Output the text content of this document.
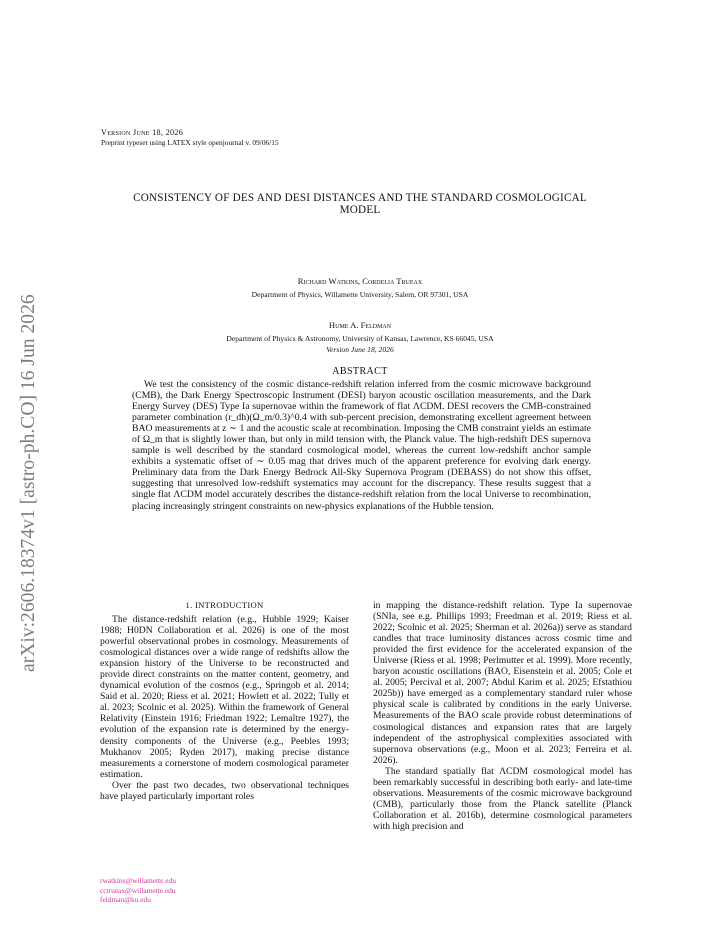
arXiv:2606.18374v1 [astro-ph.CO] 16 Jun 2026
Version June 18, 2026
Preprint typeset using LATEX style openjournal v. 09/06/15
CONSISTENCY OF DES AND DESI DISTANCES AND THE STANDARD COSMOLOGICAL
MODEL
Richard Watkins, Cordelia Trueax
Department of Physics, Willamette University, Salem, OR 97301, USA
Hume A. Feldman
Department of Physics & Astronomy, University of Kansas, Lawrence, KS 66045, USA
Version June 18, 2026
ABSTRACT

We test the consistency of the cosmic distance-redshift relation inferred from the cosmic microwave background (CMB), the Dark Energy Spectroscopic Instrument (DESI) baryon acoustic oscillation measurements, and the Dark Energy Survey (DES) Type Ia supernovae within the framework of flat ΛCDM. DESI recovers the CMB-constrained parameter combination (r_dh)(Ω_m/0.3)^0.4 with sub-percent precision, demonstrating excellent agreement between BAO measurements at z ∼ 1 and the acoustic scale at recombination. Imposing the CMB constraint yields an estimate of Ω_m that is slightly lower than, but only in mild tension with, the Planck value. The high-redshift DES supernova sample is well described by the standard cosmological model, whereas the current low-redshift anchor sample exhibits a systematic offset of ∼ 0.05 mag that drives much of the apparent preference for evolving dark energy. Preliminary data from the Dark Energy Bedrock All-Sky Supernova Program (DEBASS) do not show this offset, suggesting that unresolved low-redshift systematics may account for the discrepancy. These results suggest that a single flat ΛCDM model accurately describes the distance-redshift relation from the local Universe to recombination, placing increasingly stringent constraints on new-physics explanations of the Hubble tension.

1. INTRODUCTION

The distance-redshift relation (e.g., Hubble 1929; Kaiser 1988; H0DN Collaboration et al. 2026) is one of the most powerful observational probes in cosmology. Measurements of cosmological distances over a wide range of redshifts allow the expansion history of the Universe to be reconstructed and provide direct constraints on the matter content, geometry, and dynamical evolution of the cosmos (e.g., Springob et al. 2014; Said et al. 2020; Riess et al. 2021; Howlett et al. 2022; Tully et al. 2023; Scolnic et al. 2025). Within the framework of General Relativity (Einstein 1916; Friedman 1922; Lemaître 1927), the evolution of the expansion rate is determined by the energy-density components of the Universe (e.g., Peebles 1993; Mukhanov 2005; Ryden 2017), making precise distance measurements a cornerstone of modern cosmological parameter estimation.

Over the past two decades, two observational techniques have played particularly important roles

in mapping the distance-redshift relation. Type Ia supernovae (SNIa, see e.g. Phillips 1993; Freedman et al. 2019; Riess et al. 2022; Scolnic et al. 2025; Sherman et al. 2026a)) serve as standard candles that trace luminosity distances across cosmic time and provided the first evidence for the accelerated expansion of the Universe (Riess et al. 1998; Perlmutter et al. 1999). More recently, baryon acoustic oscillations (BAO, Eisenstein et al. 2005; Cole et al. 2005; Percival et al. 2007; Abdul Karim et al. 2025; Efstathiou 2025b)) have emerged as a complementary standard ruler whose physical scale is calibrated by conditions in the early Universe. Measurements of the BAO scale provide robust determinations of cosmological distances and expansion rates that are largely independent of the astrophysical complexities associated with supernova observations (e.g., Moon et al. 2023; Ferreira et al. 2026).

The standard spatially flat ΛCDM cosmological model has been remarkably successful in describing both early- and late-time observations. Measurements of the cosmic microwave background (CMB), particularly those from the Planck satellite (Planck Collaboration et al. 2016b), determine cosmological parameters with high precision and

rwatkins@willamette.edu
cctrueax@willamette.edu
feldman@ku.edu
